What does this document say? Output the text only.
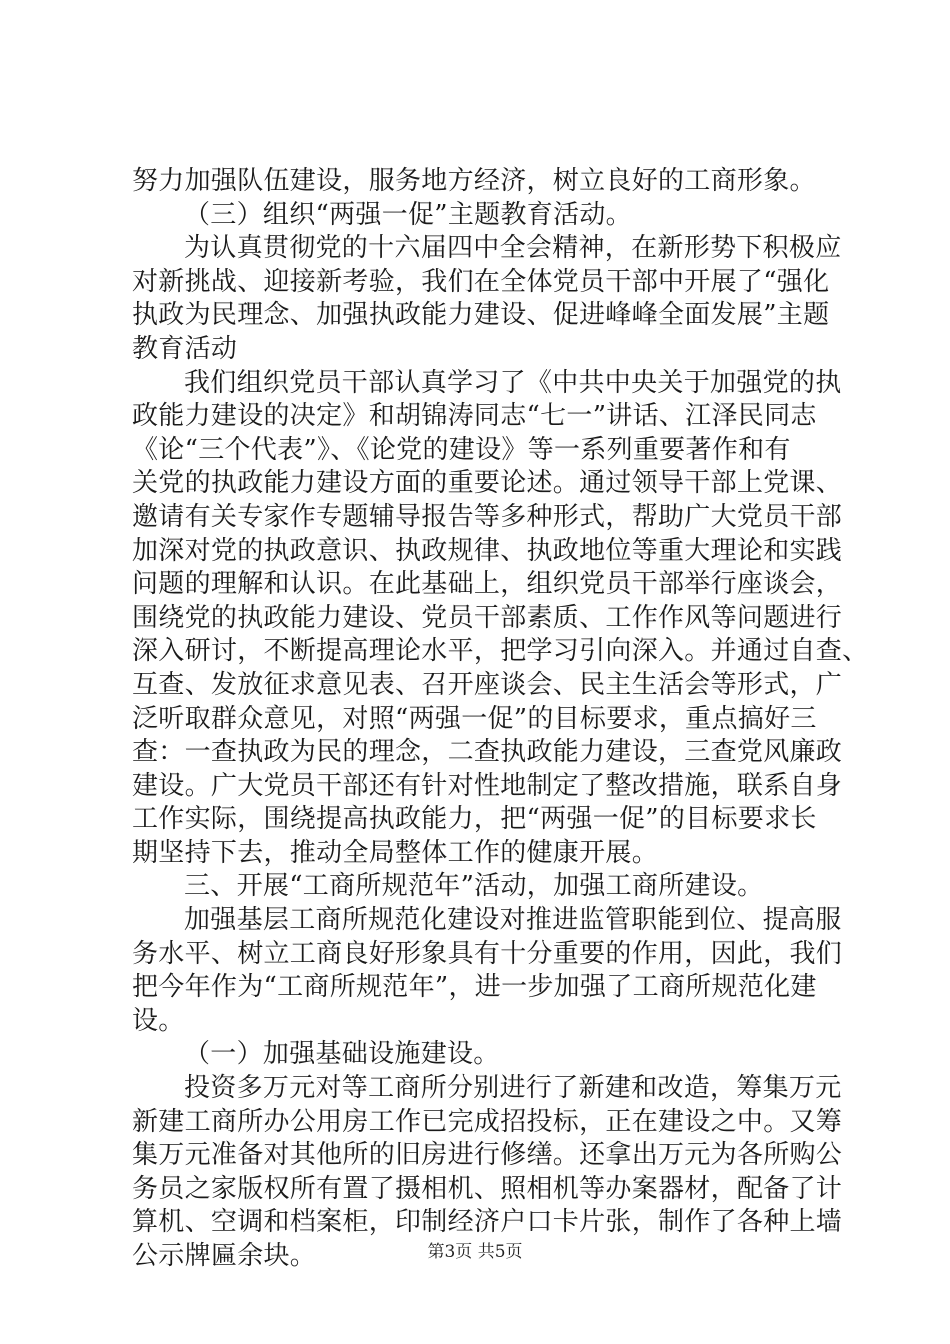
努力加强队伍建设，服务地方经济，树立良好的工商形象。
（三）组织“两强一促”主题教育活动。
为认真贯彻党的十六届四中全会精神，在新形势下积极应
对新挑战、迎接新考验，我们在全体党员干部中开展了“强化
执政为民理念、加强执政能力建设、促进峰峰全面发展”主题
教育活动
我们组织党员干部认真学习了《中共中央关于加强党的执
政能力建设的决定》和胡锦涛同志“七一”讲话、江泽民同志
《论“三个代表”》、《论党的建设》等一系列重要著作和有
关党的执政能力建设方面的重要论述。通过领导干部上党课、
邀请有关专家作专题辅导报告等多种形式，帮助广大党员干部
加深对党的执政意识、执政规律、执政地位等重大理论和实践
问题的理解和认识。在此基础上，组织党员干部举行座谈会，
围绕党的执政能力建设、党员干部素质、工作作风等问题进行
深入研讨，不断提高理论水平，把学习引向深入。并通过自查、
互查、发放征求意见表、召开座谈会、民主生活会等形式，广
泛听取群众意见，对照“两强一促”的目标要求，重点搞好三
查：一查执政为民的理念，二查执政能力建设，三查党风廉政
建设。广大党员干部还有针对性地制定了整改措施，联系自身
工作实际，围绕提高执政能力，把“两强一促”的目标要求长
期坚持下去，推动全局整体工作的健康开展。
三、开展“工商所规范年”活动，加强工商所建设。
加强基层工商所规范化建设对推进监管职能到位、提高服
务水平、树立工商良好形象具有十分重要的作用，因此，我们
把今年作为“工商所规范年”，进一步加强了工商所规范化建
设。
（一）加强基础设施建设。
投资多万元对等工商所分别进行了新建和改造，筹集万元
新建工商所办公用房工作已完成招投标，正在建设之中。又筹
集万元准备对其他所的旧房进行修缮。还拿出万元为各所购公
务员之家版权所有置了摄相机、照相机等办案器材，配备了计
算机、空调和档案柜，印制经济户口卡片张，制作了各种上墙
公示牌匾余块。	第3页 共5页
